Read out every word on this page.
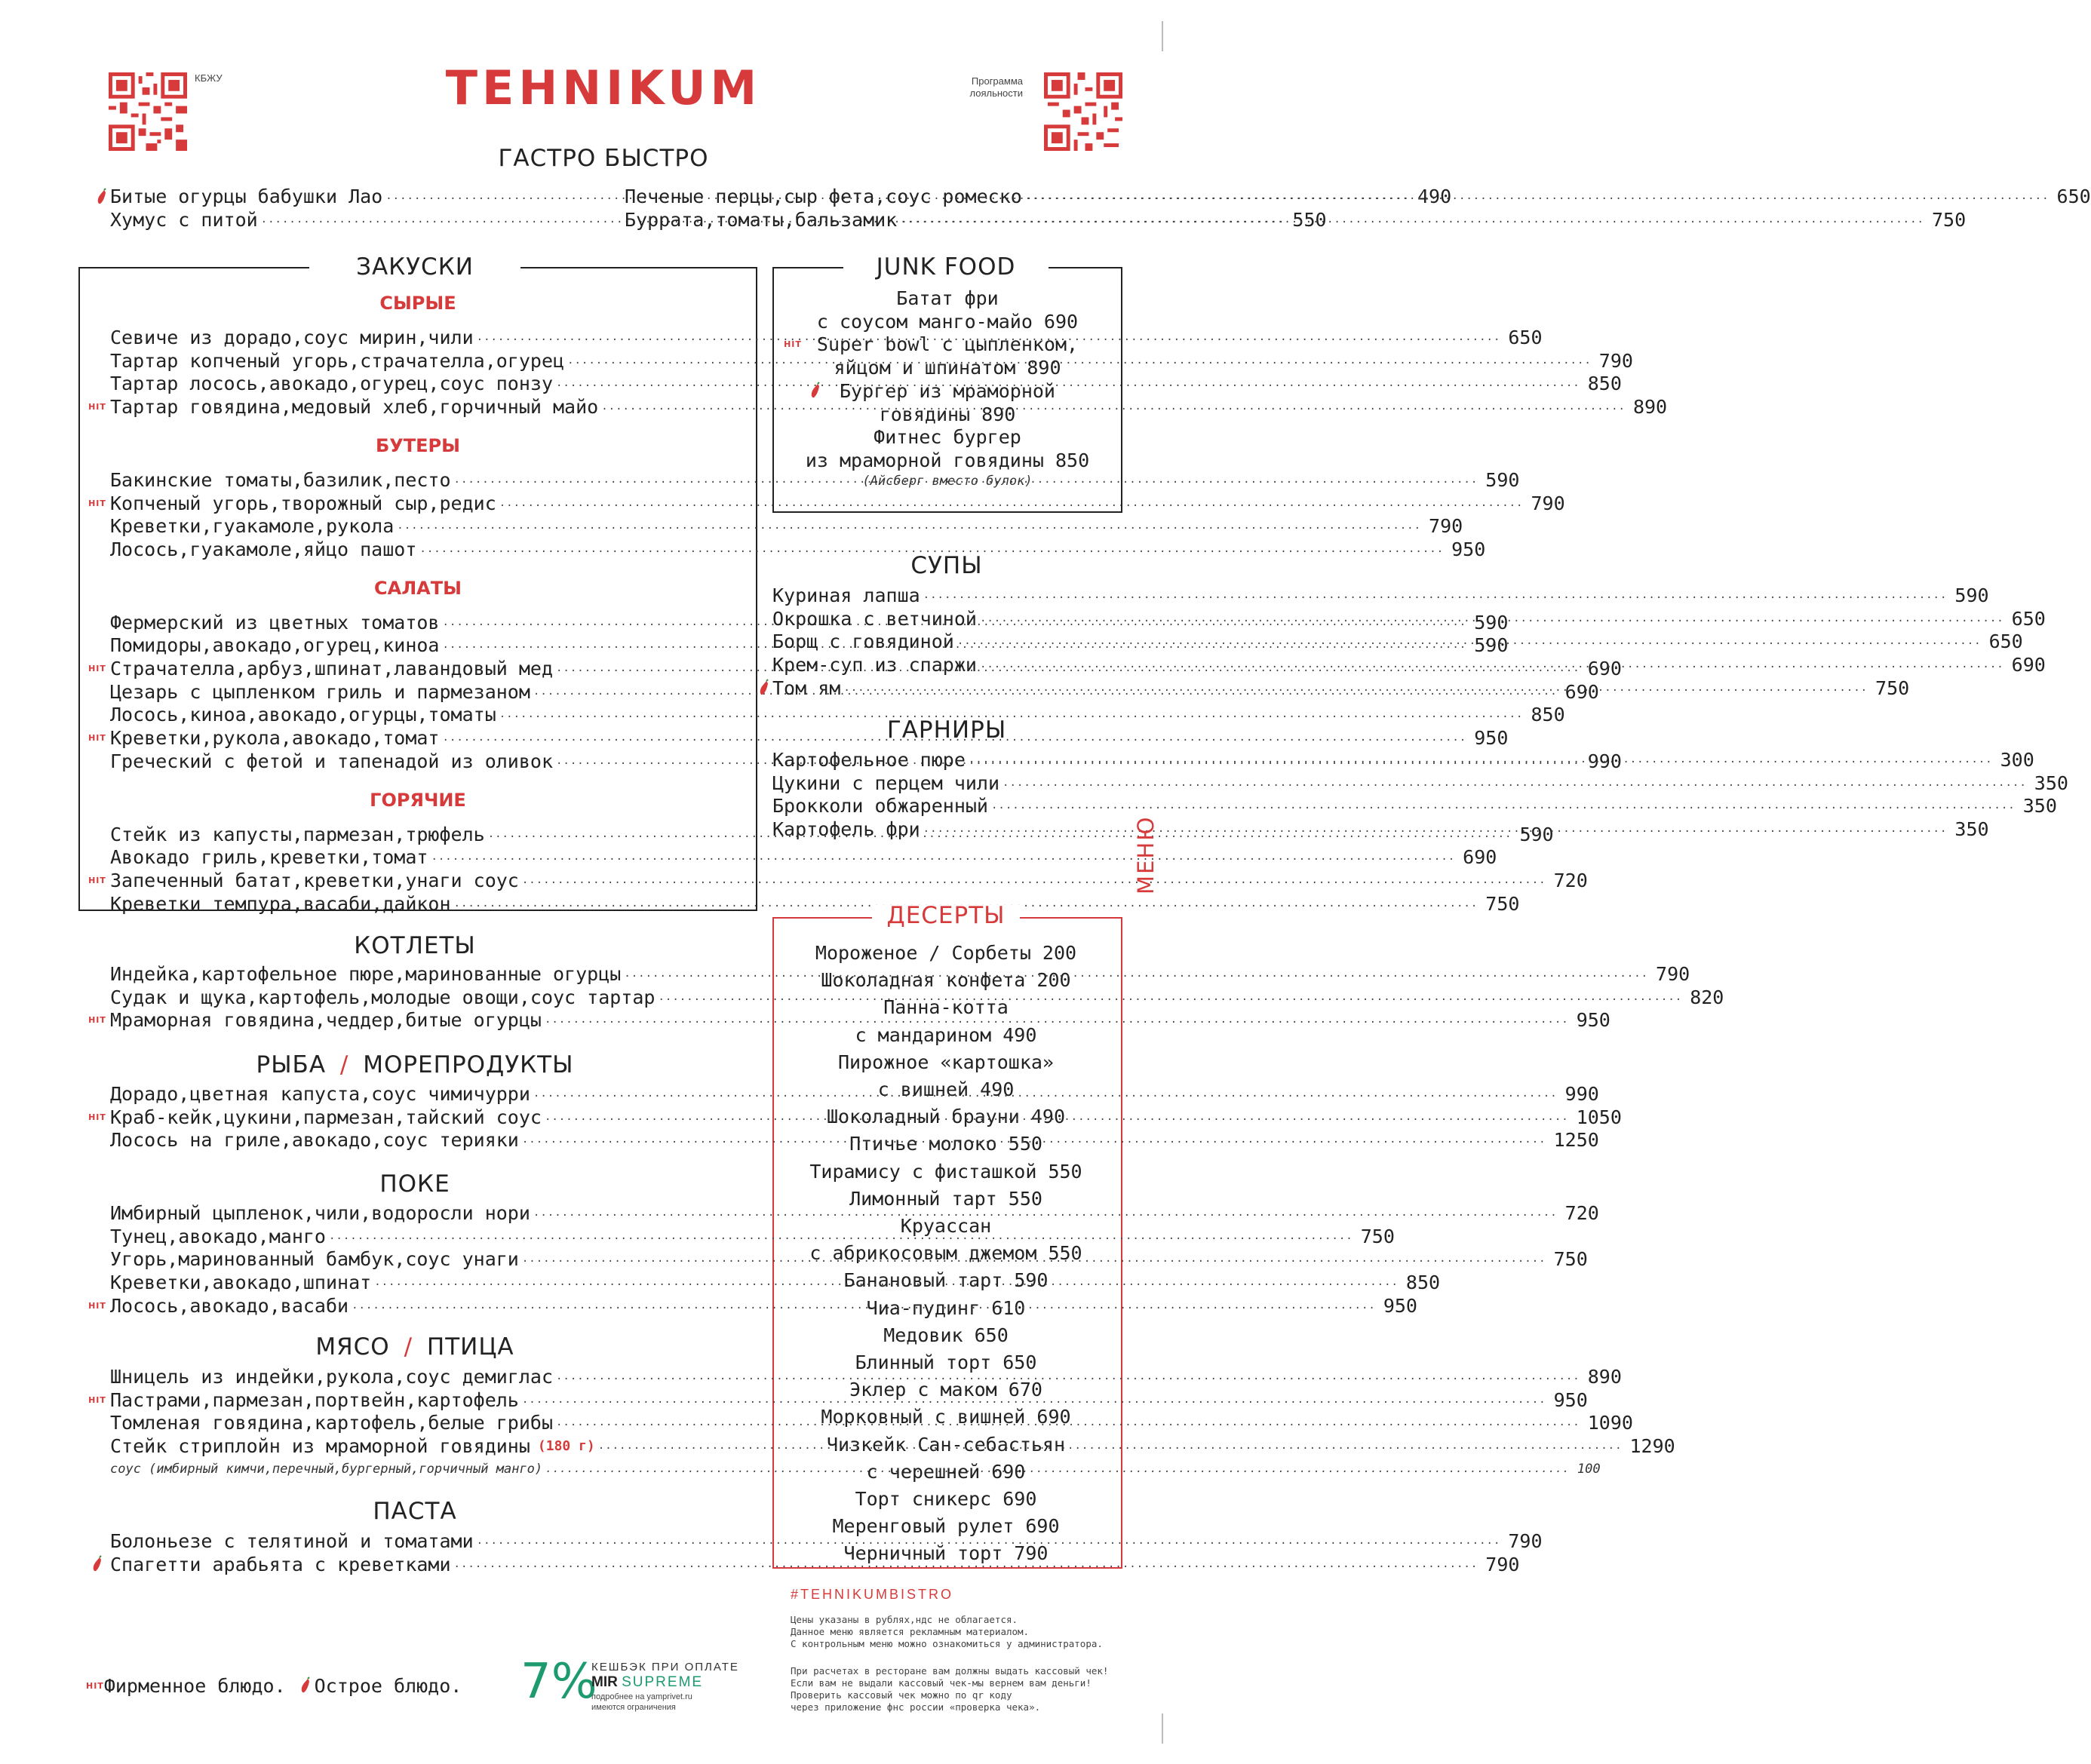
КБЖУ	TEHNIKUM	Программа
лояльности
ГАСТРО БЫСТРО
Битые огурцы бабушки Лао .....	490
Хумус с питой .....	550
Печеные перцы,сыр фета,соус ромеско .....	650
Буррата,томаты,бальзамик .....	750
ЗАКУСКИ
СЫРЫЕ
Севиче из дорадо,соус мирин,чили .....	650
Тартар копченый угорь,страчателла,огурец .....	790
Тартар лосось,авокадо,огурец,соус понзу .....	850
HIT Тартар говядина,медовый хлеб,горчичный майо .....	890
БУТЕРЫ
Бакинские томаты,базилик,песто .....	590
HIT Копченый угорь,творожный сыр,редис .....	790
Креветки,гуакамоле,рукола .....	790
Лосось,гуакамоле,яйцо пашот .....	950
САЛАТЫ
Фермерский из цветных томатов .....	590
Помидоры,авокадо,огурец,киноа .....	590
HIT Страчателла,арбуз,шпинат,лавандовый мед .....	690
Цезарь с цыпленком гриль и пармезаном .....	690
Лосось,киноа,авокадо,огурцы,томаты .....	850
HIT Креветки,рукола,авокадо,томат .....	950
Греческий с фетой и тапенадой из оливок .....	990
ГОРЯЧИЕ
Стейк из капусты,пармезан,трюфель .....	590
Авокадо гриль,креветки,томат .....	690
HIT Запеченный батат,креветки,унаги соус .....	720
Креветки темпура,васаби,дайкон .....	750
JUNK FOOD
Батат фри
с соусом манго-майо 690
Super bowl с цыпленком,
HIT
яйцом и шпинатом 890
Бургер из мраморной
говядины 890
Фитнес бургер
из мраморной говядины 850
(Айсберг вместо булок)
СУПЫ
Куриная лапша .....	590
Окрошка с ветчиной .....	650
Борщ с говядиной .....	650
Крем-суп из спаржи .....	690
Том ям .....	750
ГАРНИРЫ
Картофельное пюре .....	300
Цукини с перцем чили .....	350
Брокколи обжаренный .....	350
Картофель фри .....	350
МЕНЮ
ДЕСЕРТЫ
Мороженое / Сорбеты 200
Шоколадная конфета 200
Панна-котта
с мандарином 490
Пирожное «картошка»
с вишней 490
Шоколадный брауни 490
Птичье молоко 550
Тирамису с фисташкой 550
Лимонный тарт 550
Круассан
с абрикосовым джемом 550
Банановый тарт 590
Чиа-пудинг 610
Медовик 650
Блинный торт 650
Эклер с маком 670
Морковный с вишней 690
Чизкейк Сан-себастьян
с черешней 690
Торт сникерс 690
Меренговый рулет 690
Черничный торт 790
КОТЛЕТЫ
Индейка,картофельное пюре,маринованные огурцы .....	790
Судак и щука,картофель,молодые овощи,соус тартар .....	820
HIT Мраморная говядина,чеддер,битые огурцы .....	950
РЫБА / МОРЕПРОДУКТЫ
Дорадо,цветная капуста,соус чимичурри .....	990
HIT Краб-кейк,цукини,пармезан,тайский соус .....	1050
Лосось на гриле,авокадо,соус терияки .....	1250
ПОКЕ
Имбирный цыпленок,чили,водоросли нори .....	720
Тунец,авокадо,манго .....	750
Угорь,маринованный бамбук,соус унаги .....	750
Креветки,авокадо,шпинат .....	850
HIT Лосось,авокадо,васаби .....	950
МЯСО / ПТИЦА
Шницель из индейки,рукола,соус демиглас .....	890
HIT Пастрами,пармезан,портвейн,картофель .....	950
Томленая говядина,картофель,белые грибы .....	1090
Стейк стриплойн из мраморной говядины (180 г) .....	1290
соус (имбирный кимчи,перечный,бургерный,горчичный манго) .....	100
ПАСТА
Болоньезе с телятиной и томатами .....	790
Спагетти арабьята с креветками .....	790
HIT Фирменное блюдо. Острое блюдо. 7%
КЕШБЭК ПРИ ОПЛАТЕ
MIR SUPREME
подробнее на yamprivet.ru
имеются ограничения
#TEHNIKUMBISTRO
Цены указаны в рублях,ндс не облагается.
Данное меню является рекламным материалом.
С контрольным меню можно ознакомиться у администратора.
При расчетах в ресторане вам должны выдать кассовый чек!
Если вам не выдали кассовый чек-мы вернем вам деньги!
Проверить кассовый чек можно по qr коду
через приложение фнс россии «проверка чека».
